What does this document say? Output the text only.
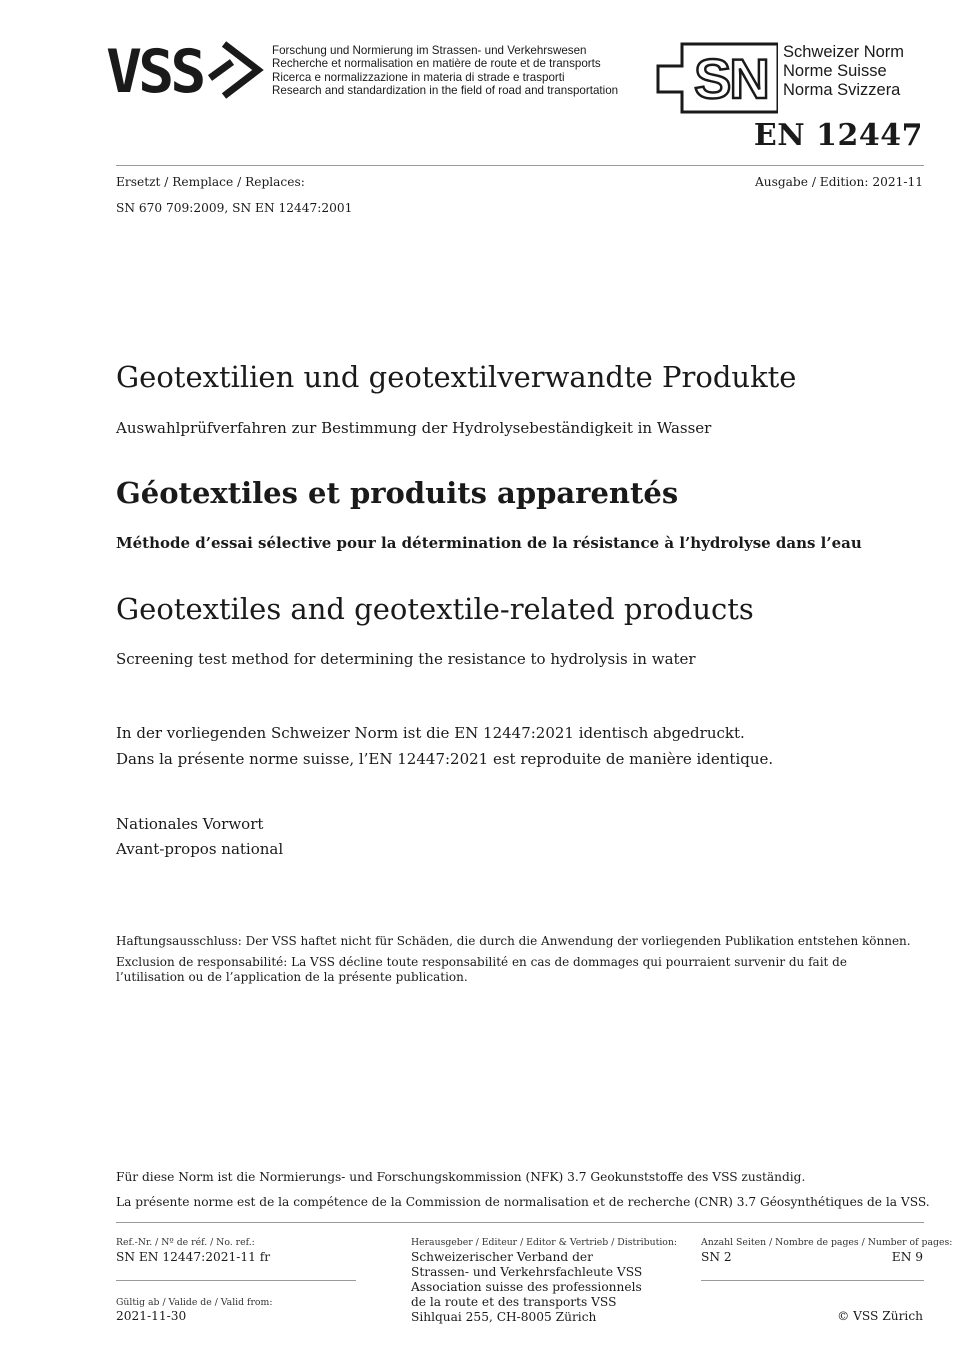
VSS	Forschung und Normierung im Strassen- und Verkehrswesen
Recherche et normalisation en matière de route et de transports
Ricerca e normalizzazione in materia di strade e trasporti
Research and standardization in the field of road and transportation SN Schweizer Norm
Norme Suisse
Norma Svizzera
EN 12447
Ersetzt / Remplace / Replaces:	Ausgabe / Edition: 2021-11
SN 670 709:2009, SN EN 12447:2001
Geotextilien und geotextilverwandte Produkte
Auswahlprüfverfahren zur Bestimmung der Hydrolysebeständigkeit in Wasser
Géotextiles et produits apparentés
Méthode d’essai sélective pour la détermination de la résistance à l’hydrolyse dans l’eau
Geotextiles and geotextile-related products
Screening test method for determining the resistance to hydrolysis in water
In der vorliegenden Schweizer Norm ist die EN 12447:2021 identisch abgedruckt.
Dans la présente norme suisse, l’EN 12447:2021 est reproduite de manière identique.
Nationales Vorwort
Avant-propos national
Haftungsausschluss: Der VSS haftet nicht für Schäden, die durch die Anwendung der vorliegenden Publikation entstehen können.
Exclusion de responsabilité: La VSS décline toute responsabilité en cas de dommages qui pourraient survenir du fait de l’utilisation ou de l’application de la présente publication.
Für diese Norm ist die Normierungs- und Forschungskommission (NFK) 3.7 Geokunststoffe des VSS zuständig.
La présente norme est de la compétence de la Commission de normalisation et de recherche (CNR) 3.7 Géosynthétiques de la VSS.
Ref.-Nr. / Nº de réf. / No. ref.:
SN EN 12447:2021-11 fr
Gültig ab / Valide de / Valid from:
2021-11-30
Herausgeber / Editeur / Editor & Vertrieb / Distribution:
Schweizerischer Verband der
Strassen- und Verkehrsfachleute VSS
Association suisse des professionnels
de la route et des transports VSS
Sihlquai 255, CH-8005 Zürich
Anzahl Seiten / Nombre de pages / Number of pages:
SN 2	EN 9
© VSS Zürich
